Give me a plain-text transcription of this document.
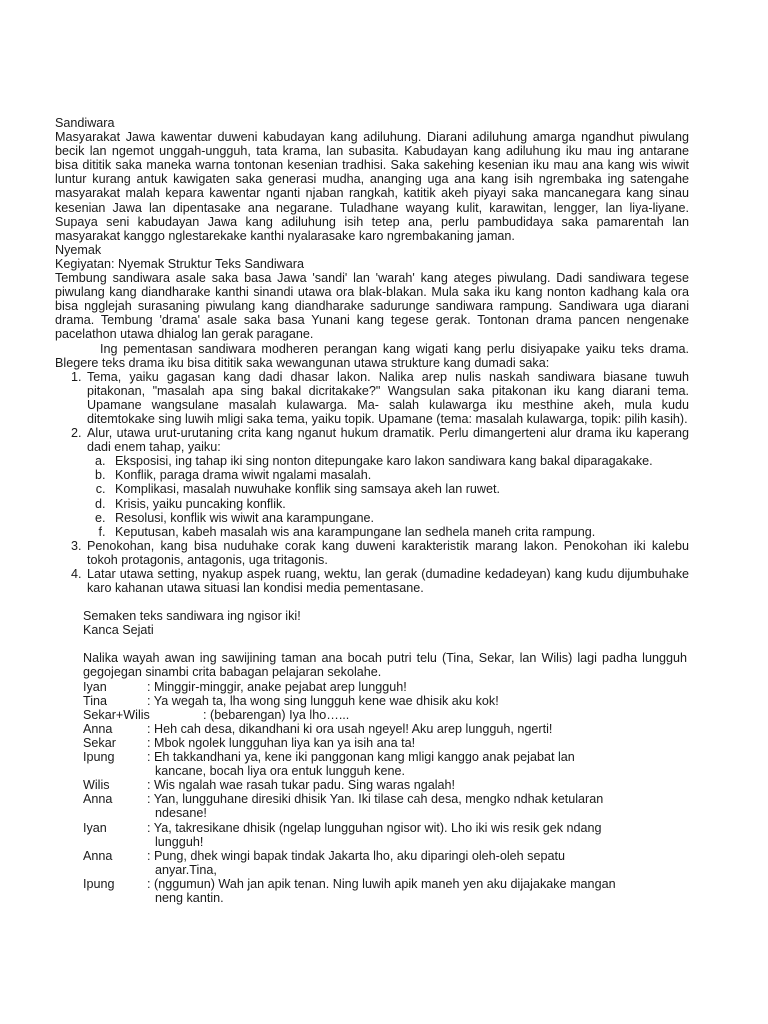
Sandiwara

Masyarakat Jawa kawentar duweni kabudayan kang adiluhung. Diarani adiluhung amarga ngandhut piwulang becik lan ngemot unggah-ungguh, tata krama, lan subasita. Kabudayan kang adiluhung iku mau ing antarane bisa dititik saka maneka warna tontonan kesenian tradhisi. Saka sakehing kesenian iku mau ana kang wis wiwit luntur kurang antuk kawigaten saka generasi mudha, ananging uga ana kang isih ngrembaka ing satengahe masyarakat malah kepara kawentar nganti njaban rangkah, katitik akeh piyayi saka mancanegara kang sinau kesenian Jawa lan dipentasake ana negarane. Tuladhane wayang kulit, karawitan, lengger, lan liya-liyane. Supaya seni kabudayan Jawa kang adiluhung isih tetep ana, perlu pambudidaya saka pamarentah lan masyarakat kanggo nglestarekake kanthi nyalarasake karo ngrembakaning jaman.

Nyemak

Kegiyatan: Nyemak Struktur Teks Sandiwara

Tembung sandiwara asale saka basa Jawa 'sandi' lan 'warah' kang ateges piwulang. Dadi sandiwara tegese piwulang kang diandharake kanthi sinandi utawa ora blak-blakan. Mula saka iku kang nonton kadhang kala ora bisa ngglejah surasaning piwulang kang diandharake sadurunge sandiwara rampung. Sandiwara uga diarani drama. Tembung 'drama' asale saka basa Yunani kang tegese gerak. Tontonan drama pancen nengenake pacelathon utawa dhialog lan gerak paragane.

Ing pementasan sandiwara modheren perangan kang wigati kang perlu disiyapake yaiku teks drama. Blegere teks drama iku bisa dititik saka wewangunan utawa strukture kang dumadi saka:

1. Tema, yaiku gagasan kang dadi dhasar lakon. Nalika arep nulis naskah sandiwara biasane tuwuh pitakonan, "masalah apa sing bakal dicritakake?" Wangsulan saka pitakonan iku kang diarani tema. Upamane wangsulane masalah kulawarga. Ma- salah kulawarga iku mesthine akeh, mula kudu ditemtokake sing luwih mligi saka tema, yaiku topik. Upamane (tema: masalah kulawarga, topik: pilih kasih).
2. Alur, utawa urut-urutaning crita kang nganut hukum dramatik. Perlu dimangerteni alur drama iku kaperang dadi enem tahap, yaiku:
a. Eksposisi, ing tahap iki sing nonton ditepungake karo lakon sandiwara kang bakal diparagakake.
b. Konflik, paraga drama wiwit ngalami masalah.
c. Komplikasi, masalah nuwuhake konflik sing samsaya akeh lan ruwet.
d. Krisis, yaiku puncaking konflik.
e. Resolusi, konflik wis wiwit ana karampungane.
f. Keputusan, kabeh masalah wis ana karampungane lan sedhela maneh crita rampung.
3. Penokohan, kang bisa nuduhake corak kang duweni karakteristik marang lakon. Penokohan iki kalebu tokoh protagonis, antagonis, uga tritagonis.
4. Latar utawa setting, nyakup aspek ruang, wektu, lan gerak (dumadine kedadeyan) kang kudu dijumbuhake karo kahanan utawa situasi lan kondisi media pementasane.

Semaken teks sandiwara ing ngisor iki!

Kanca Sejati

Nalika wayah awan ing sawijining taman ana bocah putri telu (Tina, Sekar, lan Wilis) lagi padha lungguh gegojegan sinambi crita babagan pelajaran sekolahe.

Iyan	: Minggir-minggir, anake pejabat arep lungguh!
Tina	: Ya wegah ta, lha wong sing lungguh kene wae dhisik aku kok!
Sekar+Wilis	: (bebarengan) Iya lho…...
Anna	: Heh cah desa, dikandhani ki ora usah ngeyel! Aku arep lungguh, ngerti!
Sekar	: Mbok ngolek lungguhan liya kan ya isih ana ta!
Ipung	: Eh takkandhani ya, kene iki panggonan kang mligi kanggo anak pejabat lan
kancane, bocah liya ora entuk lungguh kene.
Wilis	: Wis ngalah wae rasah tukar padu. Sing waras ngalah!
Anna	: Yan, lungguhane diresiki dhisik Yan. Iki tilase cah desa, mengko ndhak ketularan
ndesane!
Iyan	: Ya, takresikane dhisik (ngelap lungguhan ngisor wit). Lho iki wis resik gek ndang
lungguh!
Anna	: Pung, dhek wingi bapak tindak Jakarta lho, aku diparingi oleh-oleh sepatu
anyar.Tina,
Ipung	: (nggumun) Wah jan apik tenan. Ning luwih apik maneh yen aku dijajakake mangan
neng kantin.
